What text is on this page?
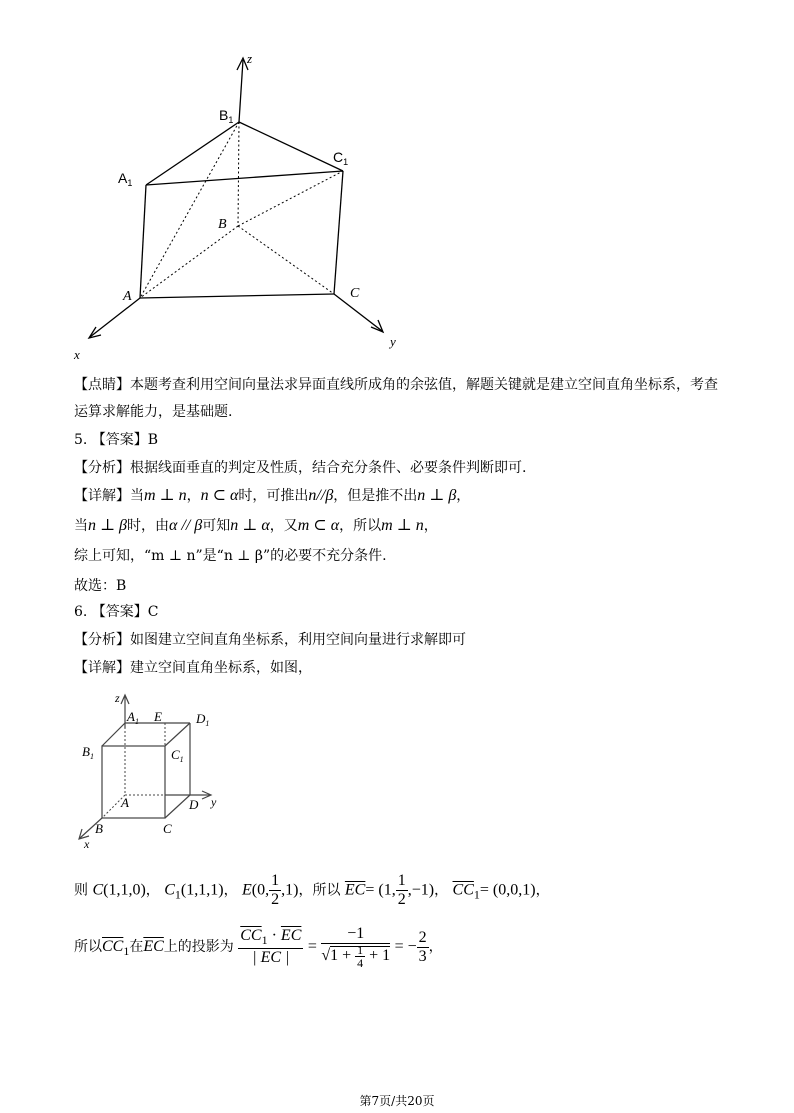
z
x
y
$B_1$
$A_1$
$C_1$
B
A	C
【点睛】本题考查利用空间向量法求异面直线所成角的余弦值，解题关键就是建立空间直角坐标系，考查
运算求解能力，是基础题.
5. 【答案】B
【分析】根据线面垂直的判定及性质，结合充分条件、必要条件判断即可.
【详解】当m ⊥ n，n ⊂ α时，可推出n//β，但是推不出n ⊥ β，
当n ⊥ β时，由α // β可知n ⊥ α，又m ⊂ α，所以m ⊥ n，
综上可知，“m ⊥ n”是“n ⊥ β”的必要不充分条件.
故选：B
6. 【答案】C
【分析】如图建立空间直角坐标系，利用空间向量进行求解即可
【详解】建立空间直角坐标系，如图，
z
x
y
$A_1$ E	$D_1$
$B_1$	$C_1$
A	D
B	C
则 C(1,1,0)， $C_1(1,1,1)$， E(0, $\frac{1}{2} ,1$)，所以 $\overline{EC}= (1$, $\frac{1}{2} ,-1$)， $\overline{CC}_1= (0,0,1)$，
所以$\overline{CC}_1$在$\overline{EC}$上的投影为 $\frac{\overline{CC}_1 \cdot \overline{EC}}{| EC |} = \frac{-1}{√1 + \frac{1}{4} + 1}$ = − $\frac{2}{3}$ ，
第7页/共20页
